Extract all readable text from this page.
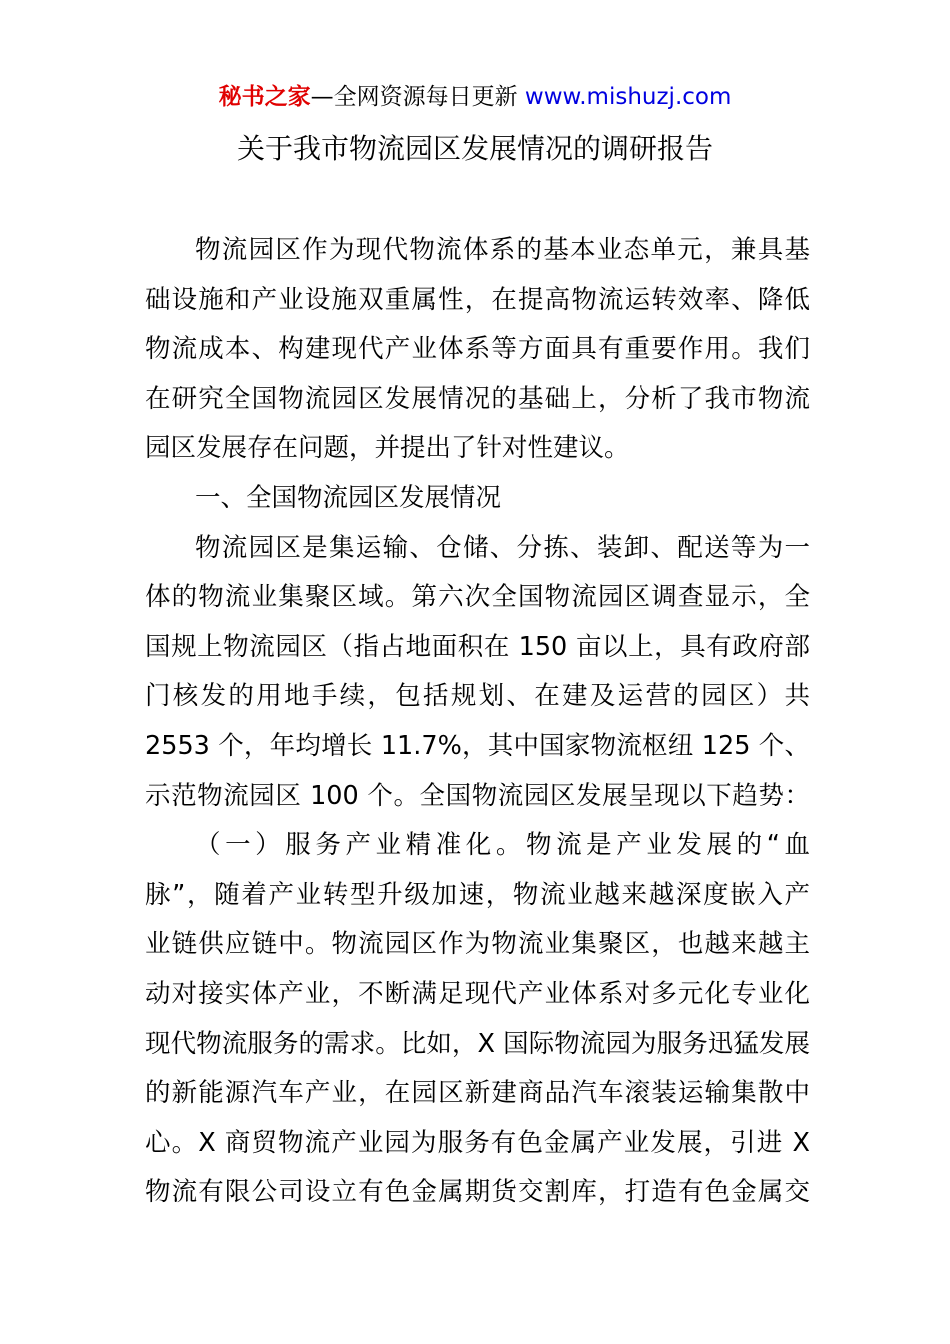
秘书之家—全网资源每日更新 www.mishuzj.com
关于我市物流园区发展情况的调研报告
物流园区作为现代物流体系的基本业态单元，兼具基
础设施和产业设施双重属性，在提高物流运转效率、降低
物流成本、构建现代产业体系等方面具有重要作用。我们
在研究全国物流园区发展情况的基础上，分析了我市物流
园区发展存在问题，并提出了针对性建议。
一、全国物流园区发展情况
物流园区是集运输、仓储、分拣、装卸、配送等为一
体的物流业集聚区域。第六次全国物流园区调查显示，全
国规上物流园区（指占地面积在 150 亩以上，具有政府部
门核发的用地手续，包括规划、在建及运营的园区）共
2553 个，年均增长 11.7%，其中国家物流枢纽 125 个、
示范物流园区 100 个。全国物流园区发展呈现以下趋势：
（一）服务产业精准化。物流是产业发展的“血
脉”，随着产业转型升级加速，物流业越来越深度嵌入产
业链供应链中。物流园区作为物流业集聚区，也越来越主
动对接实体产业，不断满足现代产业体系对多元化专业化
现代物流服务的需求。比如，X 国际物流园为服务迅猛发展
的新能源汽车产业，在园区新建商品汽车滚装运输集散中
心。X 商贸物流产业园为服务有色金属产业发展，引进 X
物流有限公司设立有色金属期货交割库，打造有色金属交
